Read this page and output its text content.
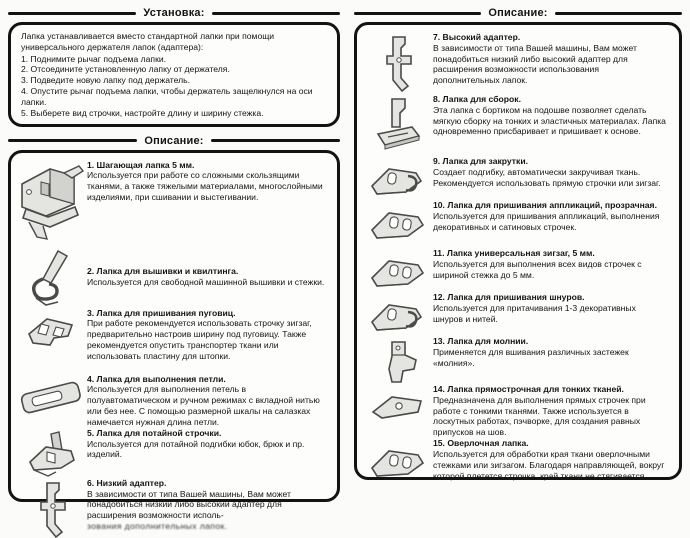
Установка:

Лапка устанавливается вместо стандартной лапки при помощи универсального держателя лапок (адаптера):

1. Поднимите рычаг подъема лапки.

2. Отсоедините установленную лапку от держателя.

3. Подведите новую лапку под держатель.

4. Опустите рычаг подъема лапки, чтобы держатель защелкнулся на оси лапки.

5. Выберете вид строчки, настройте длину и ширину стежка.

Описание:
1. Шагающая лапка 5 мм.
Используется при работе со сложными скользящими тканями, а также тяжелыми материалами, многослойными изделиями, при сшивании и выстегивании.
2. Лапка для вышивки и квилтинга.
Используется для свободной машинной вышивки и стежки.
3. Лапка для пришивания пуговиц.
При работе рекомендуется использовать строчку зигзаг, предварительно настроив ширину под пуговицу. Также рекомендуется опустить транспортер ткани или использовать пластину для штопки.
4. Лапка для выполнения петли.
Используется для выполнения петель в полуавтоматическом и ручном режимах с вкладной нитью или без нее. С помощью размерной шкалы на салазках намечается нужная длина петли.
5. Лапка для потайной строчки.
Используется для потайной подгибки юбок, брюк и пр. изделий.
6. Низкий адаптер.
В зависимости от типа Вашей машины, Вам может понадобиться низкий либо высокий адаптер для расширения возможности исполь-
зования дополнительных лапок.
Описание:
7. Высокий адаптер.
В зависимости от типа Вашей машины, Вам может понадобиться низкий либо высокий адаптер для расширения возможности использования дополнительных лапок.
8. Лапка для сборок.
Эта лапка с бортиком на подошве позволяет сделать мягкую сборку на тонких и эластичных материалах. Лапка одновременно присбаривает и пришивает к основе.
9. Лапка для закрутки.
Создает подгибку, автоматически закручивая ткань. Рекомендуется использовать прямую строчки или зигзаг.
10. Лапка для пришивания аппликаций, прозрачная.
Используется для пришивания аппликаций, выполнения декоративных и сатиновых строчек.
11. Лапка универсальная зигзаг, 5 мм.
Используется для выполнения всех видов строчек с шириной стежка до 5 мм.
12. Лапка для пришивания шнуров.
Используется для притачивания 1-3 декоративных шнуров и нитей.
13. Лапка для молнии.
Применяется для вшивания различных застежек «молния».
14. Лапка прямострочная для тонких тканей.
Предназначена для выполнения прямых строчек при работе с тонкими тканями. Также используется в лоскутных работах, пэчворке, для создания равных припусков на шов.
15. Оверлочная лапка.
Используется для обработки края ткани оверлочными стежками или зигзагом. Благодаря направляющей, вокруг которой плетется строчка, край ткани не стягивается.
